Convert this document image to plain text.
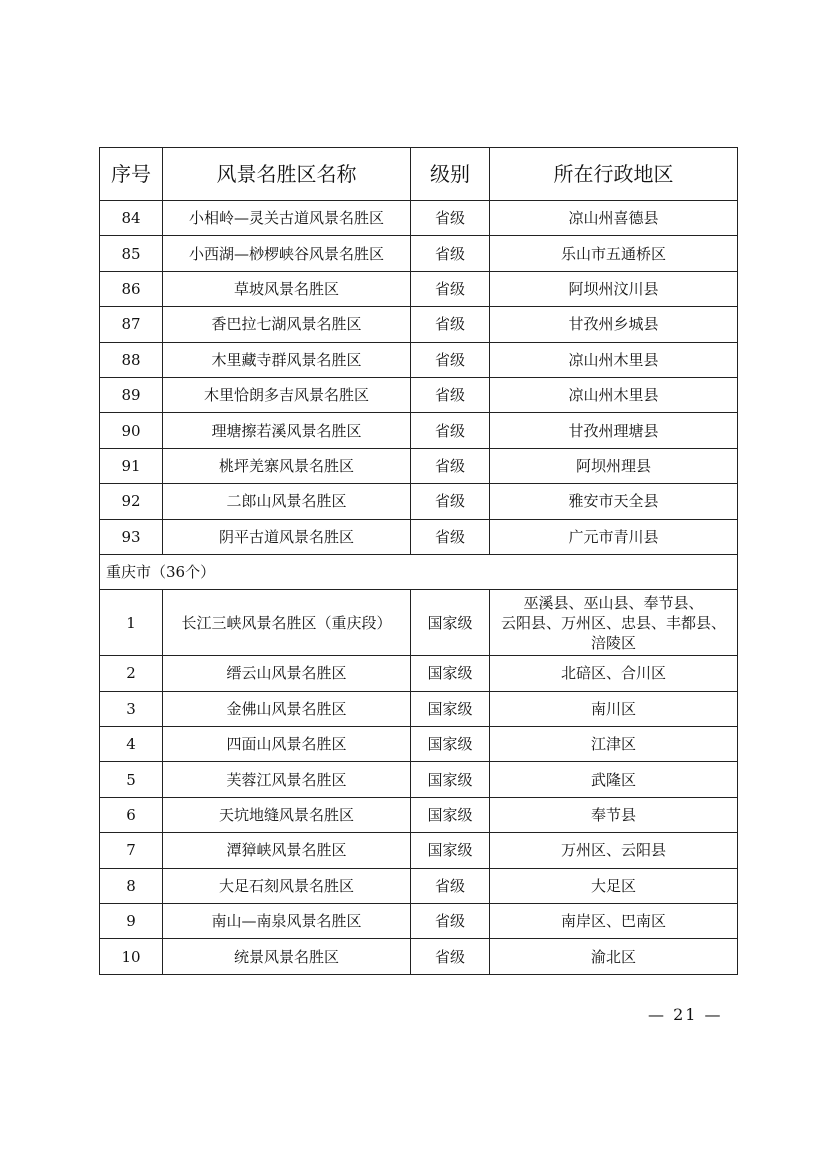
序号	风景名胜区名称	级别	所在行政地区
84	小相岭—灵关古道风景名胜区	省级	凉山州喜德县
85	小西湖—桫椤峡谷风景名胜区	省级	乐山市五通桥区
86	草坡风景名胜区	省级	阿坝州汶川县
87	香巴拉七湖风景名胜区	省级	甘孜州乡城县
88	木里藏寺群风景名胜区	省级	凉山州木里县
89	木里恰朗多吉风景名胜区	省级	凉山州木里县
90	理塘擦若溪风景名胜区	省级	甘孜州理塘县
91	桃坪羌寨风景名胜区	省级	阿坝州理县
92	二郎山风景名胜区	省级	雅安市天全县
93	阴平古道风景名胜区	省级	广元市青川县
重庆市（36个）			
1	长江三峡风景名胜区（重庆段）	国家级	巫溪县、巫山县、奉节县、
云阳县、万州区、忠县、丰都县、
涪陵区
2	缙云山风景名胜区	国家级	北碚区、合川区
3	金佛山风景名胜区	国家级	南川区
4	四面山风景名胜区	国家级	江津区
5	芙蓉江风景名胜区	国家级	武隆区
6	天坑地缝风景名胜区	国家级	奉节县
7	潭獐峡风景名胜区	国家级	万州区、云阳县
8	大足石刻风景名胜区	省级	大足区
9	南山—南泉风景名胜区	省级	南岸区、巴南区
10	统景风景名胜区	省级	渝北区
— 21 —
